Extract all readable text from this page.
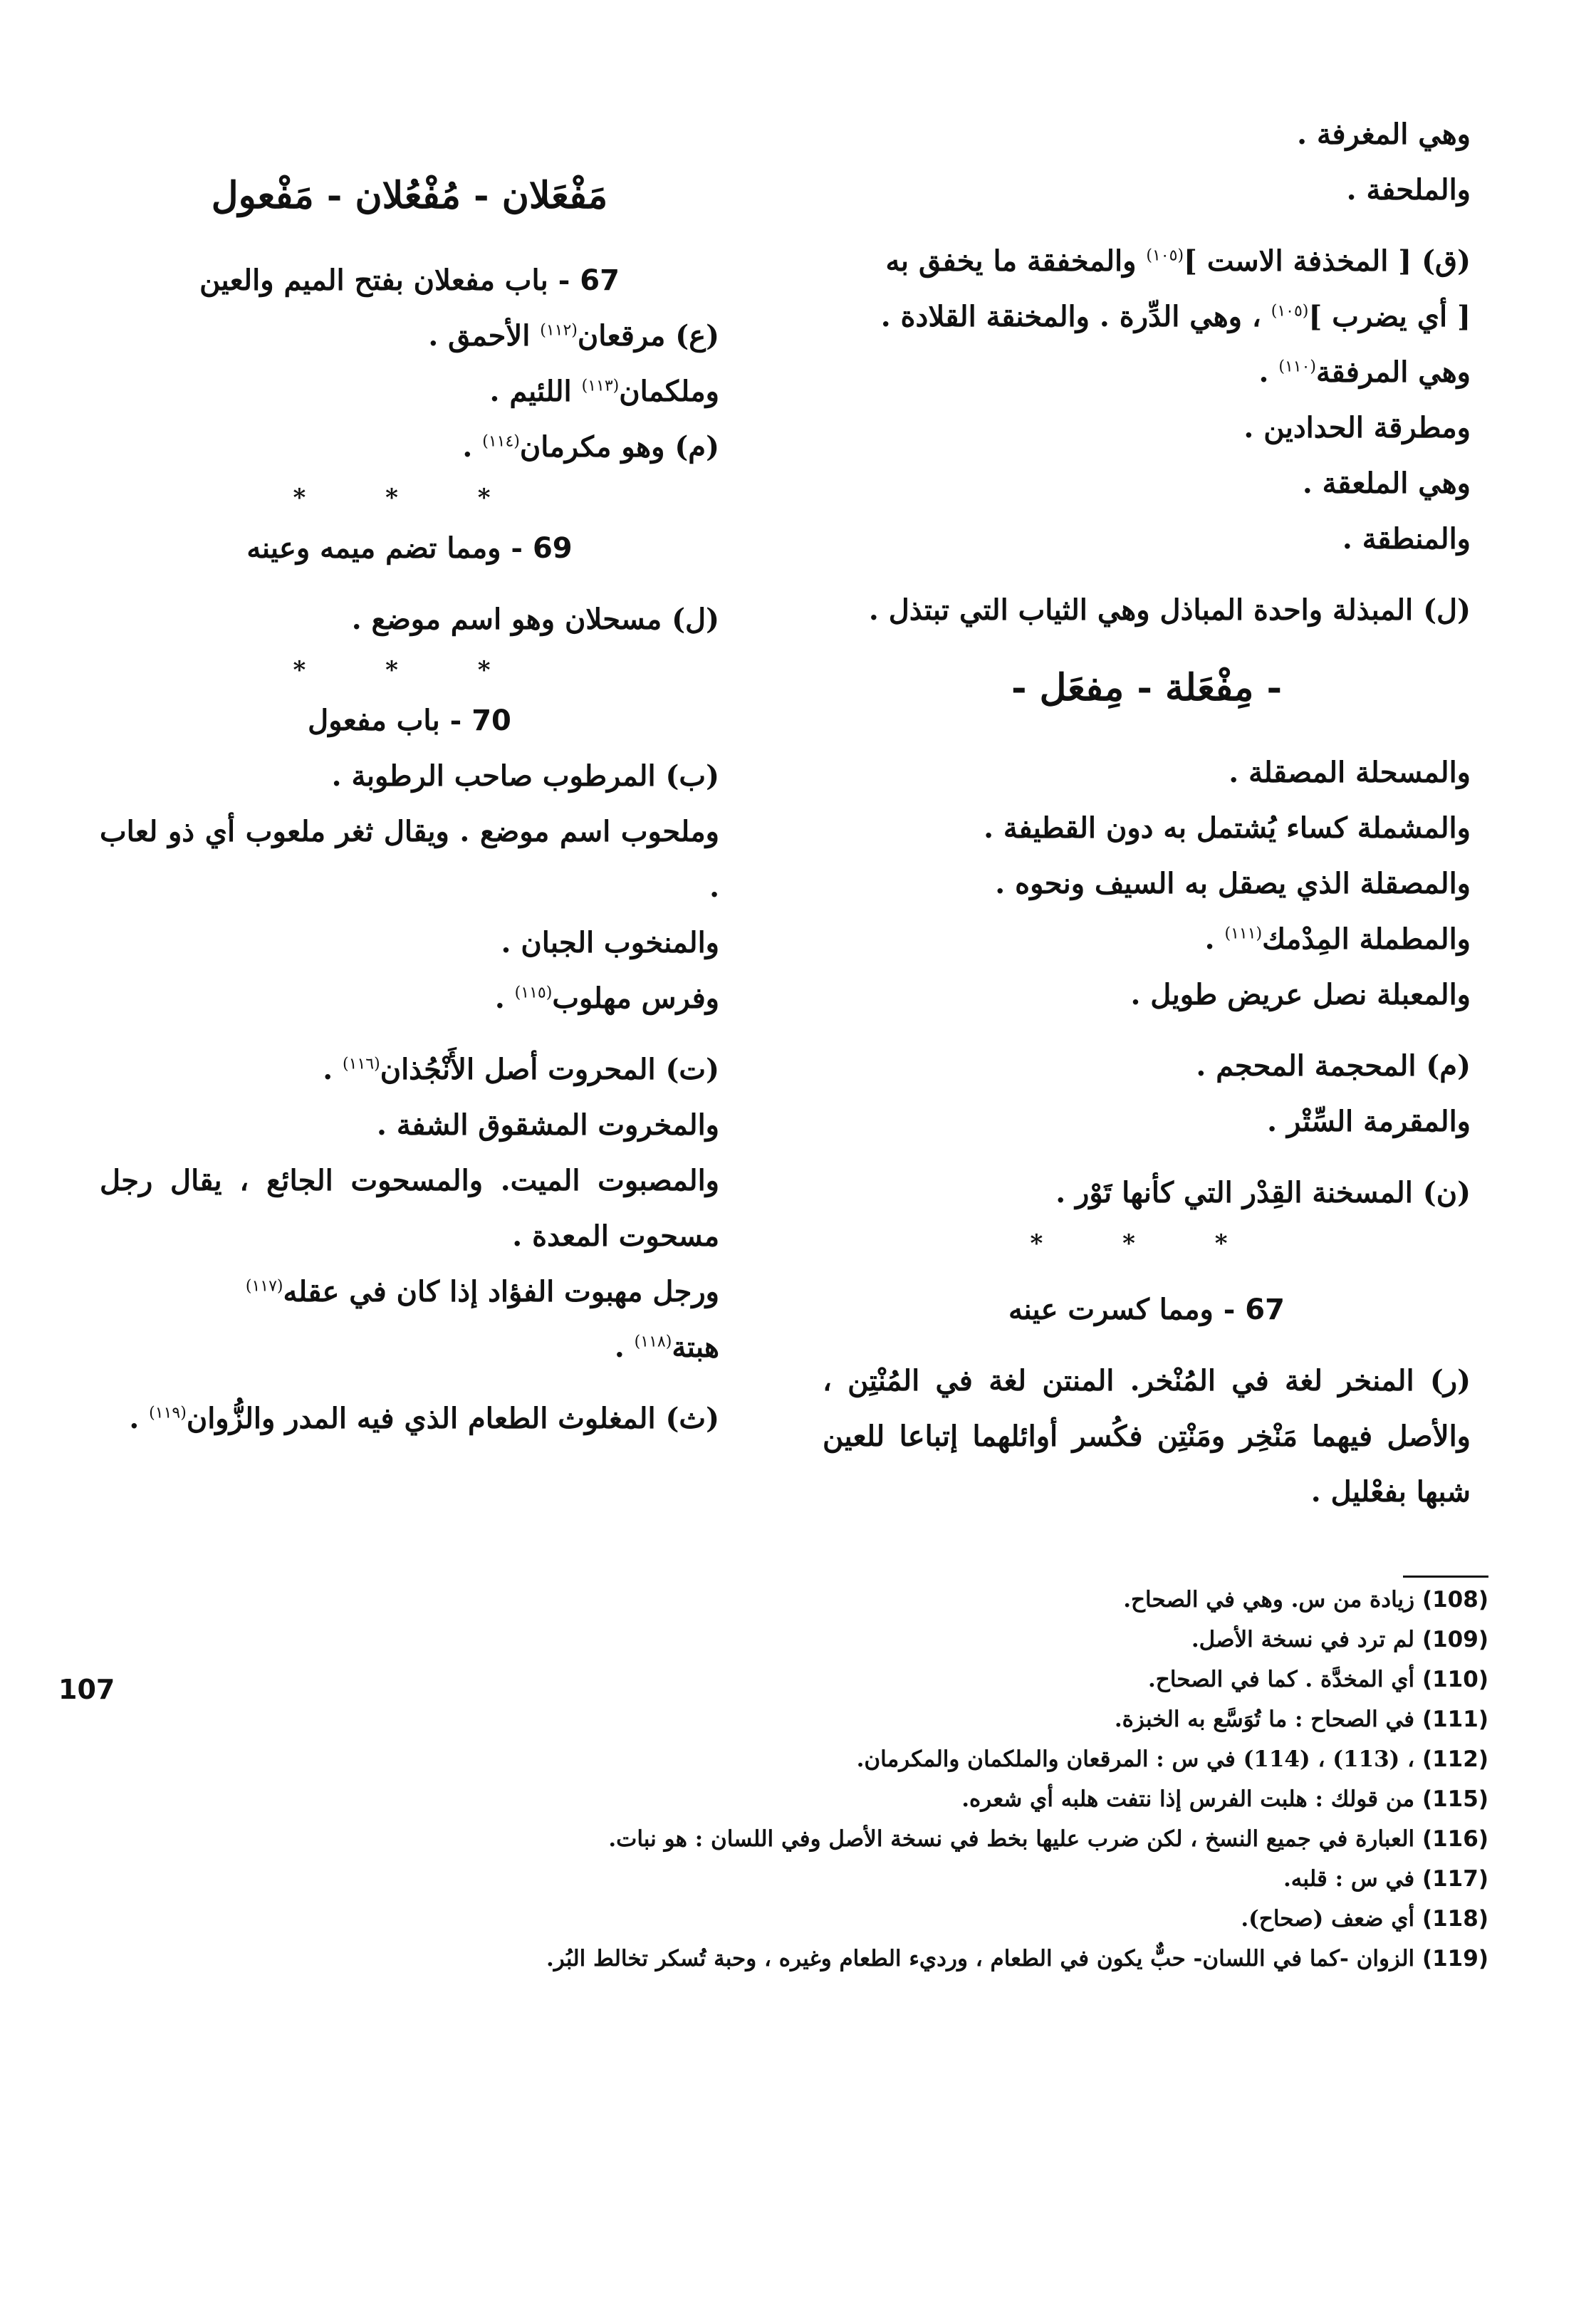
وهي المغرفة .

والملحفة .

(ق) [ المخذفة الاست ]$^{(١٠٥)}$ والمخفقة ما يخفق به

[ أي يضرب ]$^{(١٠٥)}$ ، وهي الدِّرة . والمخنقة القلادة .

وهي المرفقة$^{(١١٠)}$ .

ومطرقة الحدادين .

وهي الملعقة .

والمنطقة .

(ل) المبذلة واحدة المباذل وهي الثياب التي تبتذل .

- مِفْعَلة - مِفعَل -

والمسحلة المصقلة .

والمشملة كساء يُشتمل به دون القطيفة .

والمصقلة الذي يصقل به السيف ونحوه .

والمطملة المِدْمك$^{(١١١)}$ .

والمعبلة نصل عريض طويل .

(م) المحجمة المحجم .

والمقرمة السِّتْر .

(ن) المسخنة القِدْر التي كأنها تَوْر .

* * *

67 - ومما كسرت عينه

(ر) المنخر لغة في المُنْخر. المنتن لغة في المُنْتِن ، والأصل فيهما مَنْخِر ومَنْتِن فكُسر أوائلهما إتباعا للعين شبها بفعْليل .

مَفْعَلان - مُفْعُلان - مَفْعول

67 - باب مفعلان بفتح الميم والعين

(ع) مرقعان$^{(١١٢)}$ الأحمق .

وملكمان$^{(١١٣)}$ اللئيم .

(م) وهو مكرمان$^{(١١٤)}$ .

* * *

69 - ومما تضم ميمه وعينه

(ل) مسحلان وهو اسم موضع .

* * *

70 - باب مفعول

(ب) المرطوب صاحب الرطوبة .

وملحوب اسم موضع . ويقال ثغر ملعوب أي ذو لعاب .

والمنخوب الجبان .

وفرس مهلوب$^{(١١٥)}$ .

(ت) المحروت أصل الأَنْجُذان$^{(١١٦)}$ .

والمخروت المشقوق الشفة .

والمصبوت الميت. والمسحوت الجائع ، يقال رجل مسحوت المعدة .

ورجل مهبوت الفؤاد إذا كان في عقله$^{(١١٧)}$

هبتة$^{(١١٨)}$ .

(ث) المغلوث الطعام الذي فيه المدر والزُّوان$^{(١١٩)}$ .

(108) زيادة من س. وهي في الصحاح.
(109) لم ترد في نسخة الأصل.
(110) أي المخدَّة . كما في الصحاح.
(111) في الصحاح : ما تُوَسَّع به الخبزة.
(112) ، (113) ، (114) في س : المرقعان والملكمان والمكرمان.
(115) من قولك : هلبت الفرس إذا نتفت هلبه أي شعره.
(116) العبارة في جميع النسخ ، لكن ضرب عليها بخط في نسخة الأصل وفي اللسان : هو نبات.
(117) في س : قلبه.
(118) أي ضعف (صحاح).
(119) الزوان -كما في اللسان- حبٌّ يكون في الطعام ، ورديء الطعام وغيره ، وحبة تُسكر تخالط البُر.
107
